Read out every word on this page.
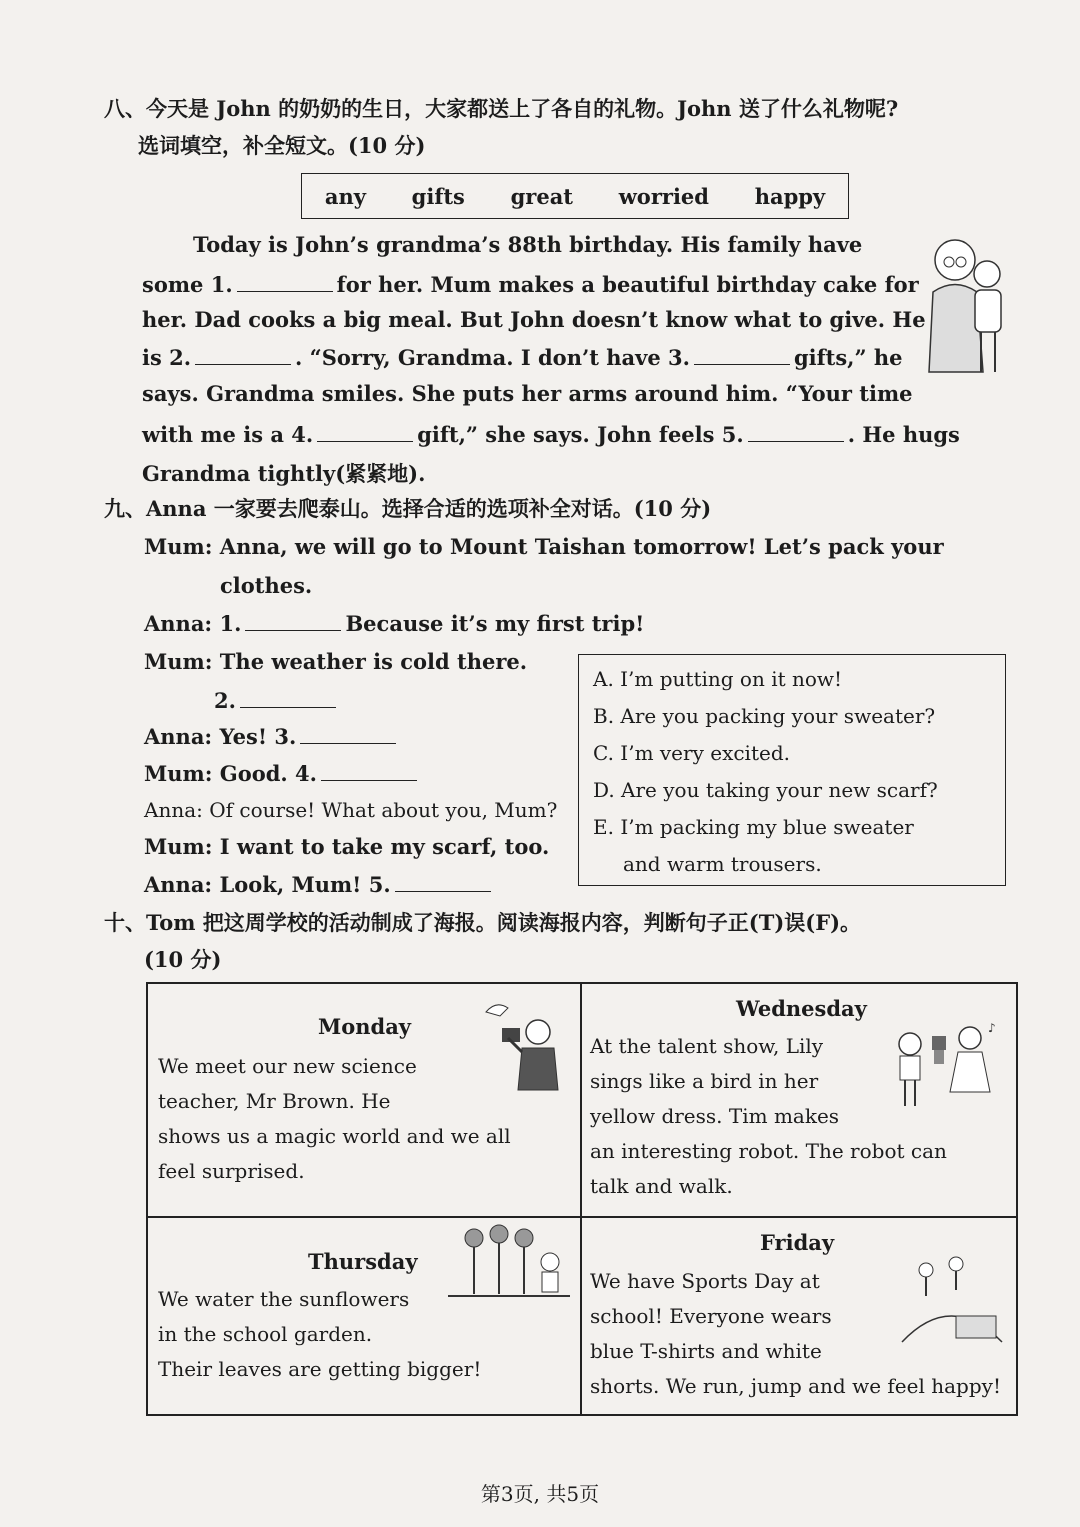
八、今天是 John 的奶奶的生日，大家都送上了各自的礼物。John 送了什么礼物呢?
选词填空，补全短文。(10 分)
any gifts great worried happy
Today is John’s grandma’s 88th birthday. His family have
some 1.	for her. Mum makes a beautiful birthday cake for
her. Dad cooks a big meal. But John doesn’t know what to give. He
is 2.	. “Sorry, Grandma. I don’t have 3.	gifts,” he
says. Grandma smiles. She puts her arms around him. “Your time
with me is a 4.	gift,” she says. John feels 5.	. He hugs
Grandma tightly(紧紧地).
九、Anna 一家要去爬泰山。选择合适的选项补全对话。(10 分)
Mum: Anna, we will go to Mount Taishan tomorrow! Let’s pack your
clothes.
Anna: 1.	Because it’s my first trip!
Mum: The weather is cold there.
2.
Anna: Yes! 3.
Mum: Good. 4.
Anna: Of course! What about you, Mum?
Mum: I want to take my scarf, too.
Anna: Look, Mum! 5.
A. I’m putting on it now!
B. Are you packing your sweater?
C. I’m very excited.
D. Are you taking your new scarf?
E. I’m packing my blue sweater
and warm trousers.
十、Tom 把这周学校的活动制成了海报。阅读海报内容，判断句子正(T)误(F)。
(10 分)
Monday
We meet our new science
teacher, Mr Brown. He
shows us a magic world and we all
feel surprised.
Wednesday
At the talent show, Lily
sings like a bird in her
yellow dress. Tim makes
an interesting robot. The robot can
talk and walk.
♪
Thursday
We water the sunflowers
in the school garden.
Their leaves are getting bigger!
Friday
We have Sports Day at
school! Everyone wears
blue T-shirts and white
shorts. We run, jump and we feel happy!
第3页, 共5页
